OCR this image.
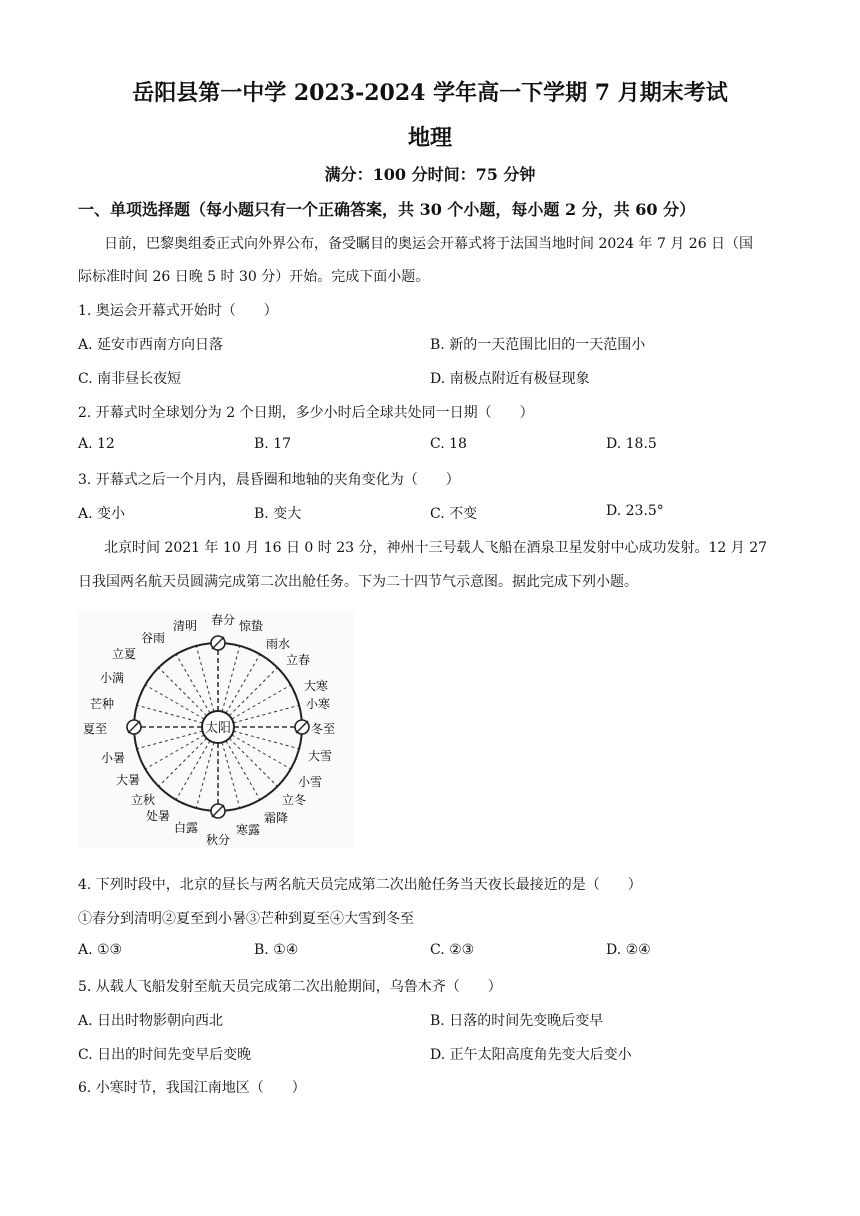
岳阳县第一中学 2023-2024 学年高一下学期 7 月期末考试
地理
满分：100 分时间：75 分钟
一、单项选择题（每小题只有一个正确答案，共 30 个小题，每小题 2 分，共 60 分）
日前，巴黎奥组委正式向外界公布，备受瞩目的奥运会开幕式将于法国当地时间 2024 年 7 月 26 日（国
际标准时间 26 日晚 5 时 30 分）开始。完成下面小题。
1. 奥运会开幕式开始时（　　）
A. 延安市西南方向日落	B. 新的一天范围比旧的一天范围小
C. 南非昼长夜短	D. 南极点附近有极昼现象
2. 开幕式时全球划分为 2 个日期，多少小时后全球共处同一日期（　　）
A. 12	B. 17	C. 18	D. 18.5
3. 开幕式之后一个月内，晨昏圈和地轴的夹角变化为（　　）
A. 变小	B. 变大	C. 不变	D. 23.5°
北京时间 2021 年 10 月 16 日 0 时 23 分，神州十三号载人飞船在酒泉卫星发射中心成功发射。12 月 27
日我国两名航天员圆满完成第二次出舱任务。下为二十四节气示意图。据此完成下列小题。
太阳
春分 惊蛰
雨水
立春
大寒
小寒
冬至
大雪
小雪
立冬
霜降
寒露
秋分
白露
处暑
立秋
大暑
小暑
夏至
芒种
小满
立夏
谷雨
清明
4. 下列时段中，北京的昼长与两名航天员完成第二次出舱任务当天夜长最接近的是（　　）
①春分到清明②夏至到小暑③芒种到夏至④大雪到冬至
A. ①③	B. ①④	C. ②③	D. ②④
5. 从载人飞船发射至航天员完成第二次出舱期间，乌鲁木齐（　　）
A. 日出时物影朝向西北	B. 日落的时间先变晚后变早
C. 日出的时间先变早后变晚	D. 正午太阳高度角先变大后变小
6. 小寒时节，我国江南地区（　　）
